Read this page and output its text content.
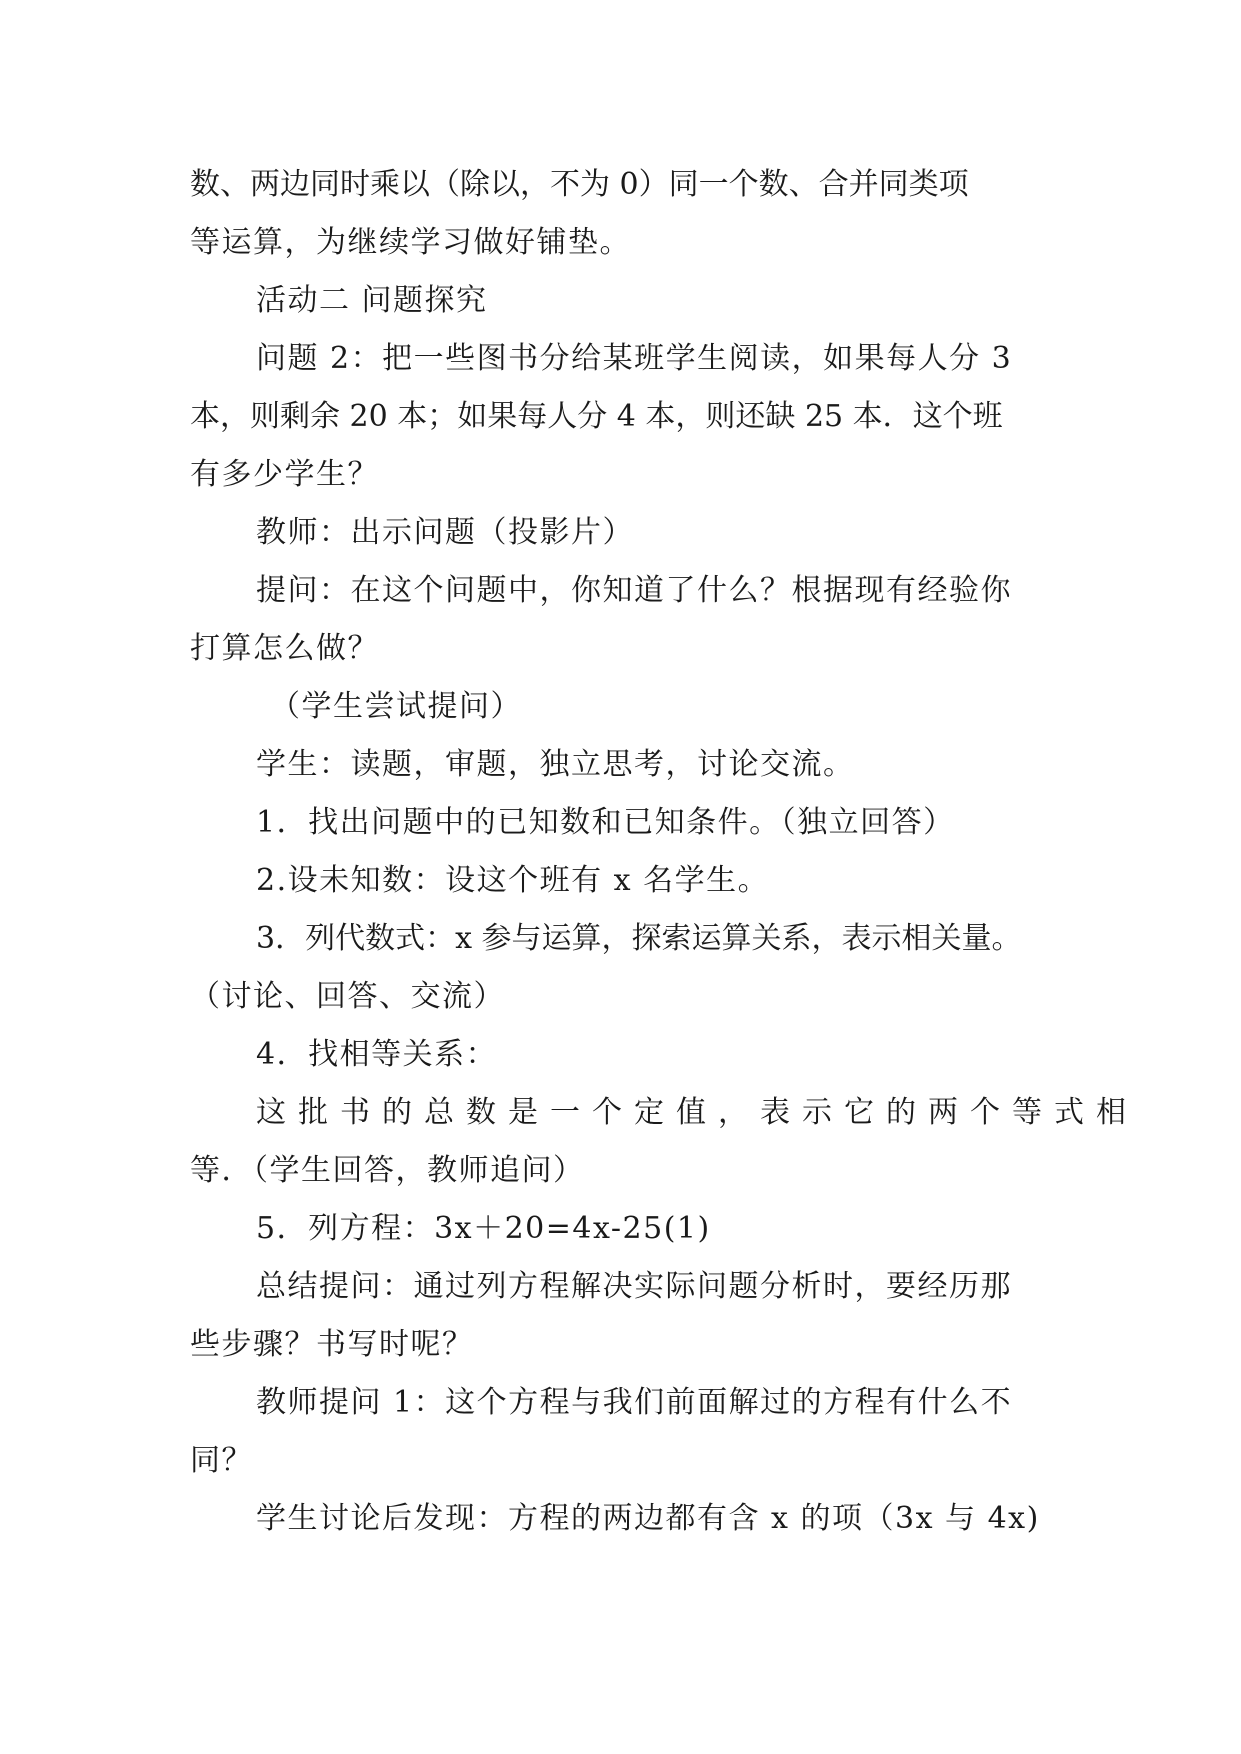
数、两边同时乘以（除以，不为 0）同一个数、合并同类项
等运算，为继续学习做好铺垫。
活动二 问题探究
问题 2：把一些图书分给某班学生阅读，如果每人分 3
本，则剩余 20 本；如果每人分 4 本，则还缺 25 本．这个班
有多少学生？
教师：出示问题（投影片）
提问：在这个问题中，你知道了什么？根据现有经验你
打算怎么做？
（学生尝试提问）
学生：读题，审题，独立思考，讨论交流。
1．找出问题中的已知数和已知条件。（独立回答）
2.设未知数：设这个班有 x 名学生。
3．列代数式：x 参与运算，探索运算关系，表示相关量。
（讨论、回答、交流）
4．找相等关系：
这批书的总数是一个定值，表示它的两个等式相
等．（学生回答，教师追问）
5．列方程：3x＋20=4x-25(1)
总结提问：通过列方程解决实际问题分析时，要经历那
些步骤？书写时呢？
教师提问 1：这个方程与我们前面解过的方程有什么不
同？
学生讨论后发现：方程的两边都有含 x 的项（3x 与 4x)
